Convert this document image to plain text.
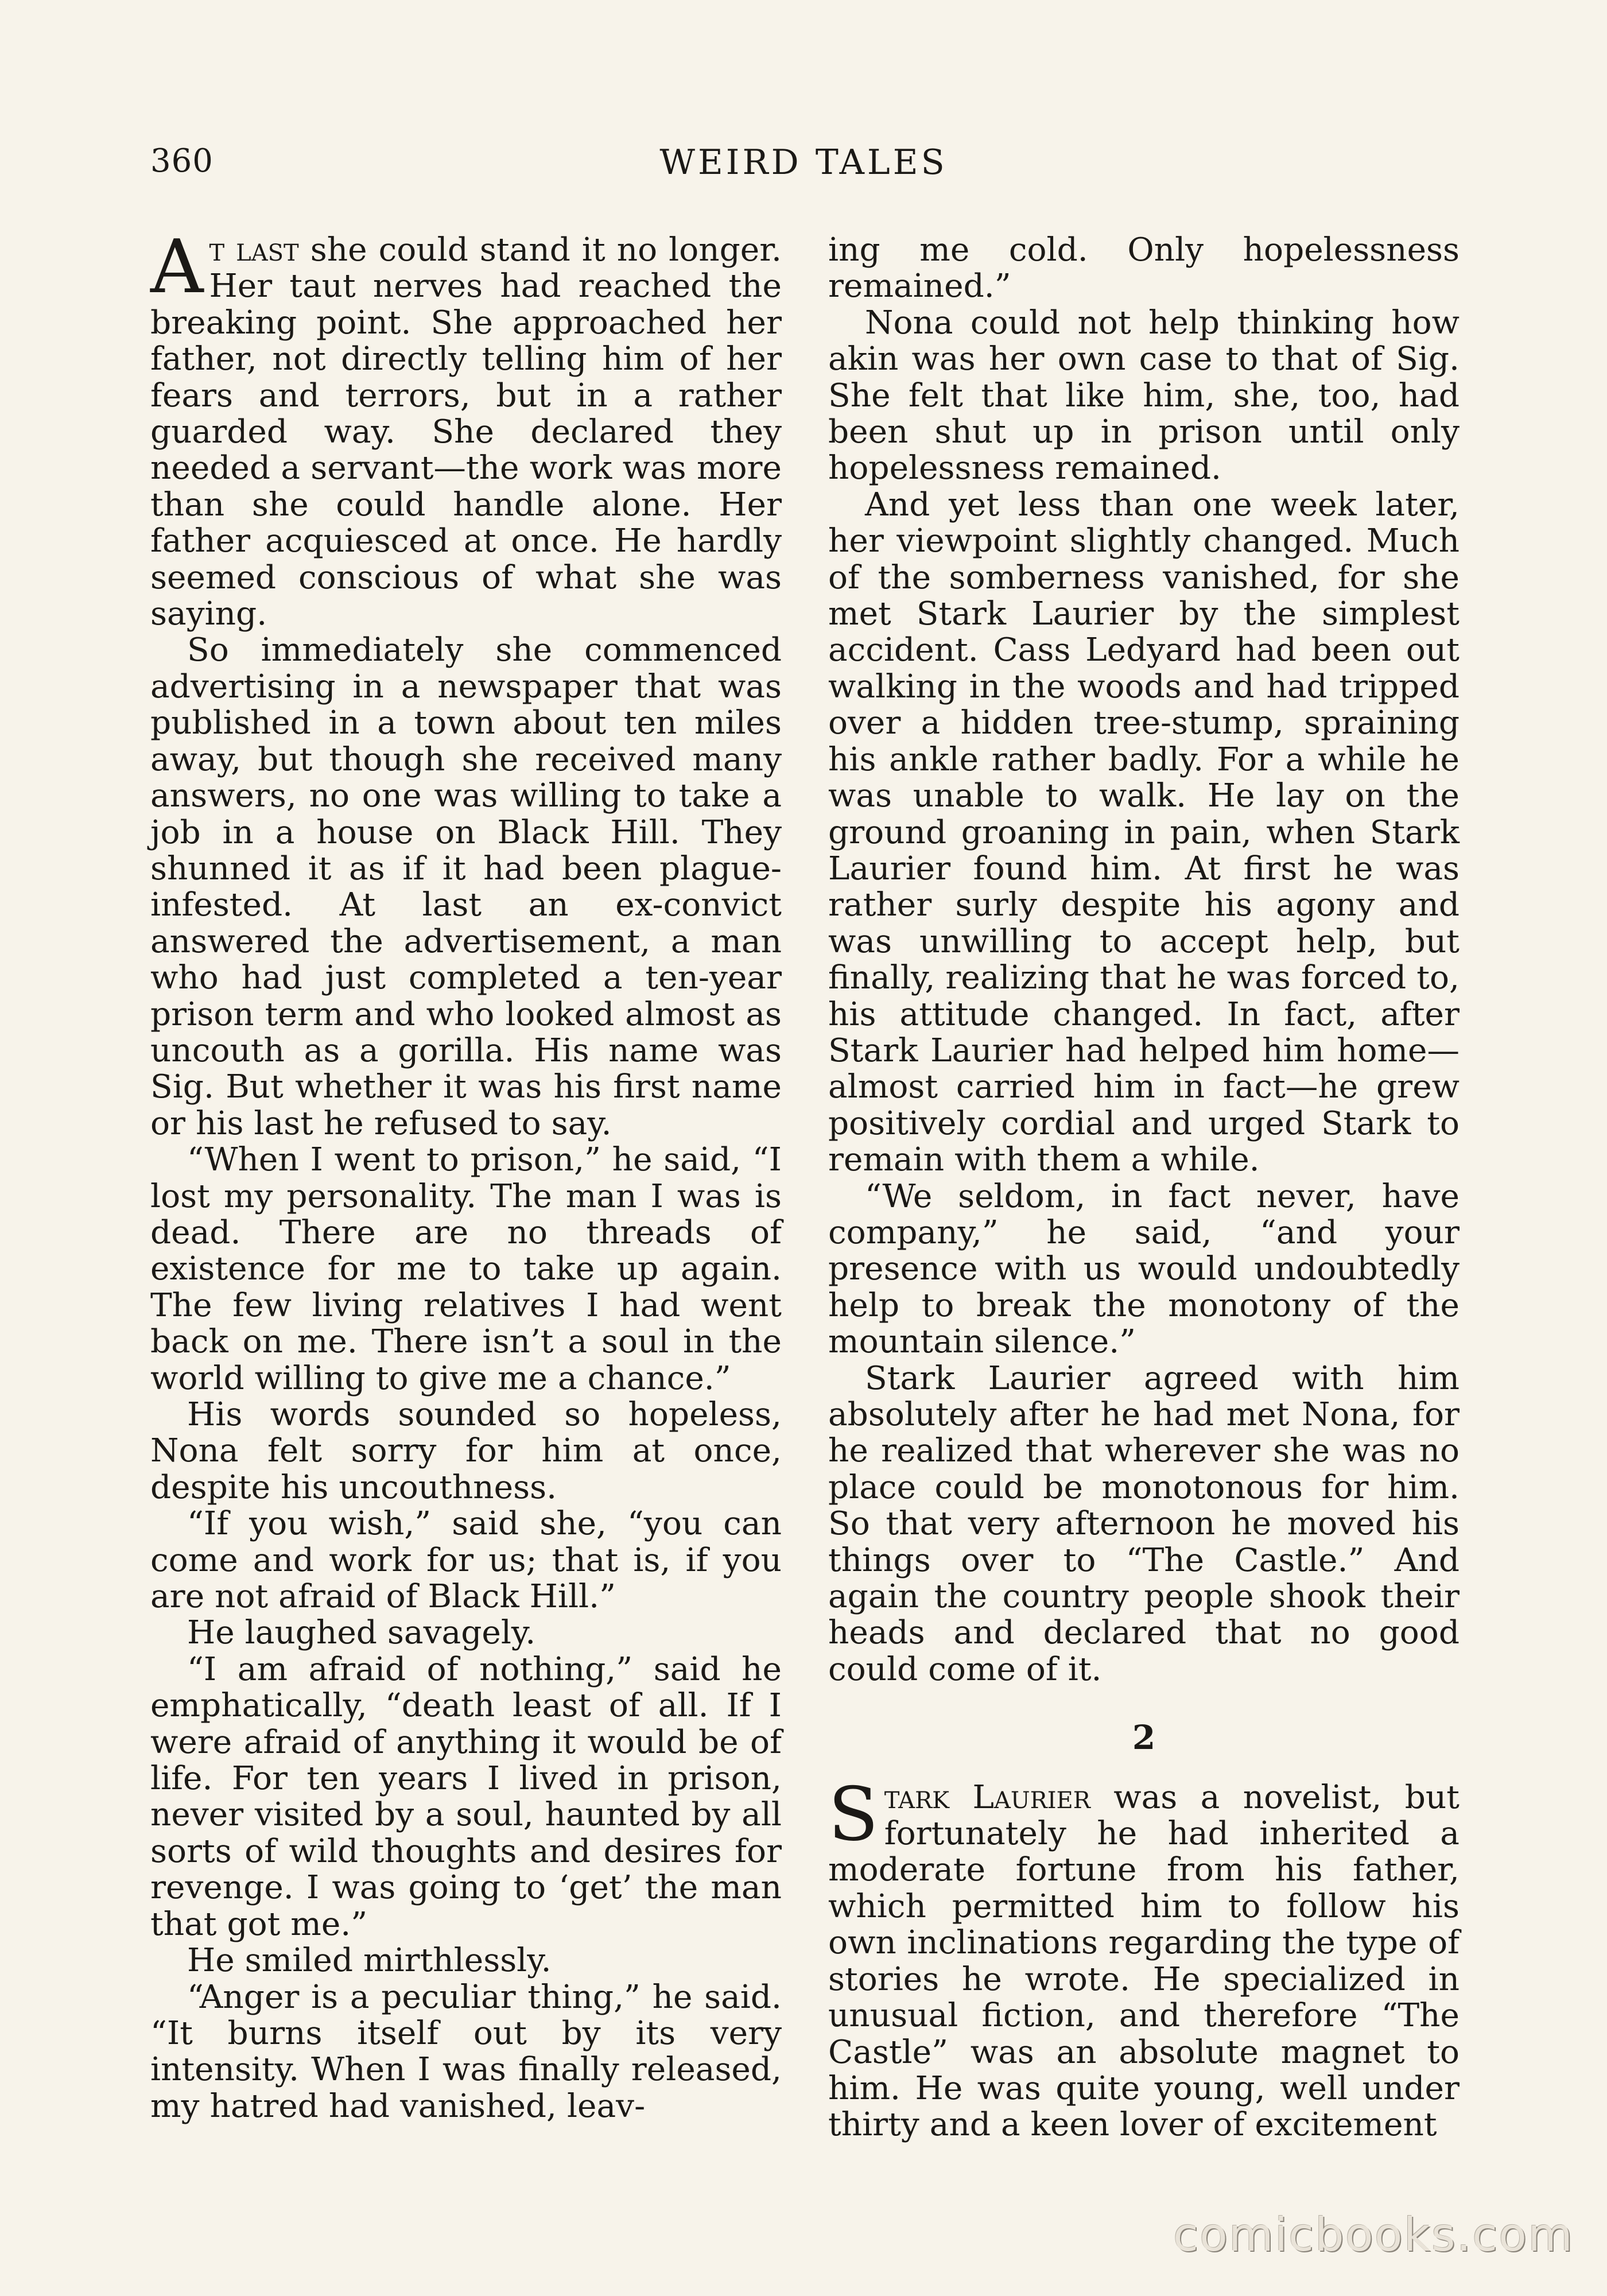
360	WEIRD TALES

At last she could stand it no longer. Her taut nerves had reached the breaking point. She approached her father, not directly telling him of her fears and terrors, but in a rather guarded way. She declared they needed a servant—the work was more than she could handle alone. Her father acquiesced at once. He hardly seemed conscious of what she was saying.

So immediately she commenced advertising in a newspaper that was published in a town about ten miles away, but though she received many answers, no one was willing to take a job in a house on Black Hill. They shunned it as if it had been plague-infested. At last an ex-convict answered the advertisement, a man who had just completed a ten-year prison term and who looked almost as uncouth as a gorilla. His name was Sig. But whether it was his first name or his last he refused to say.

“When I went to prison,” he said, “I lost my personality. The man I was is dead. There are no threads of existence for me to take up again. The few living relatives I had went back on me. There isn’t a soul in the world willing to give me a chance.”

His words sounded so hopeless, Nona felt sorry for him at once, despite his uncouthness.

“If you wish,” said she, “you can come and work for us; that is, if you are not afraid of Black Hill.”

He laughed savagely.

“I am afraid of nothing,” said he emphatically, “death least of all. If I were afraid of anything it would be of life. For ten years I lived in prison, never visited by a soul, haunted by all sorts of wild thoughts and desires for revenge. I was going to ‘get’ the man that got me.”

He smiled mirthlessly.

“Anger is a peculiar thing,” he said. “It burns itself out by its very intensity. When I was finally released, my hatred had vanished, leav-

ing me cold. Only hopelessness remained.”

Nona could not help thinking how akin was her own case to that of Sig. She felt that like him, she, too, had been shut up in prison until only hopelessness remained.

And yet less than one week later, her viewpoint slightly changed. Much of the somberness vanished, for she met Stark Laurier by the simplest accident. Cass Ledyard had been out walking in the woods and had tripped over a hidden tree-stump, spraining his ankle rather badly. For a while he was unable to walk. He lay on the ground groaning in pain, when Stark Laurier found him. At first he was rather surly despite his agony and was unwilling to accept help, but finally, realizing that he was forced to, his attitude changed. In fact, after Stark Laurier had helped him home—almost carried him in fact—he grew positively cordial and urged Stark to remain with them a while.

“We seldom, in fact never, have company,” he said, “and your presence with us would undoubtedly help to break the monotony of the mountain silence.”

Stark Laurier agreed with him absolutely after he had met Nona, for he realized that wherever she was no place could be monotonous for him. So that very afternoon he moved his things over to “The Castle.” And again the country people shook their heads and declared that no good could come of it.

2

Stark Laurier was a novelist, but fortunately he had inherited a moderate fortune from his father, which permitted him to follow his own inclinations regarding the type of stories he wrote. He specialized in unusual fiction, and therefore “The Castle” was an absolute magnet to him. He was quite young, well under thirty and a keen lover of excitement

comicbooks.com
